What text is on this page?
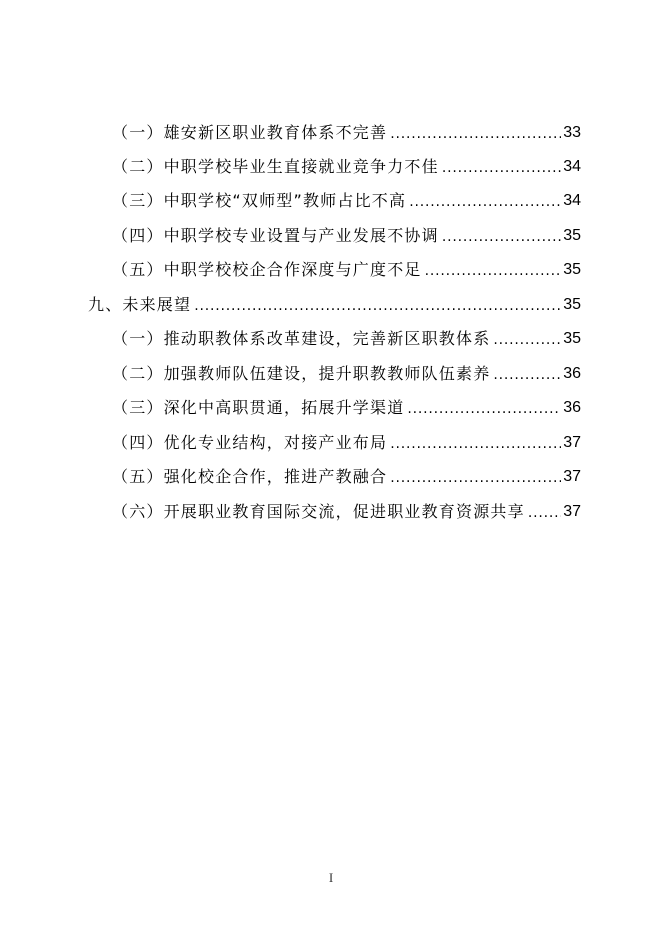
（一）雄安新区职业教育体系不完善 .....	33
（二）中职学校毕业生直接就业竞争力不佳 .....	34
（三）中职学校“双师型”教师占比不高 .....	34
（四）中职学校专业设置与产业发展不协调 .....	35
（五）中职学校校企合作深度与广度不足 .....	35
九、未来展望 .....	35
（一）推动职教体系改革建设，完善新区职教体系 .....	35
（二）加强教师队伍建设，提升职教教师队伍素养 .....	36
（三）深化中高职贯通，拓展升学渠道 .....	36
（四）优化专业结构，对接产业布局 .....	37
（五）强化校企合作，推进产教融合 .....	37
（六）开展职业教育国际交流，促进职业教育资源共享 ..... 37
I
